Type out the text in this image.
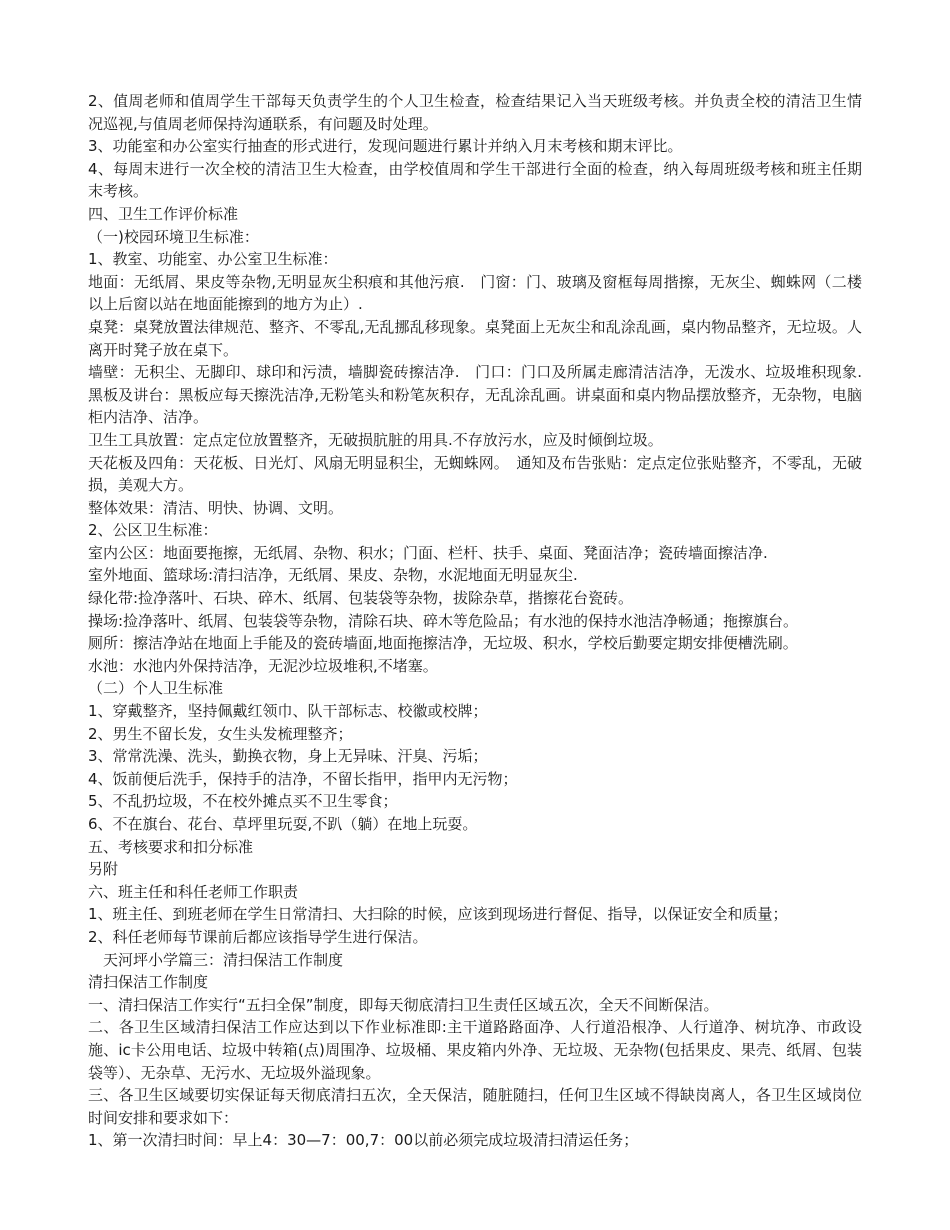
2、值周老师和值周学生干部每天负责学生的个人卫生检查，检查结果记入当天班级考核。并负责全校的清洁卫生情况巡视,与值周老师保持沟通联系，有问题及时处理。
3、功能室和办公室实行抽查的形式进行，发现问题进行累计并纳入月末考核和期末评比。
4、每周末进行一次全校的清洁卫生大检查，由学校值周和学生干部进行全面的检查，纳入每周班级考核和班主任期末考核。
四、卫生工作评价标准
（一)校园环境卫生标准：
1、教室、功能室、办公室卫生标准：
地面：无纸屑、果皮等杂物,无明显灰尘积痕和其他污痕.　门窗：门、玻璃及窗框每周揩擦，无灰尘、蜘蛛网（二楼以上后窗以站在地面能擦到的地方为止）.
桌凳：桌凳放置法律规范、整齐、不零乱,无乱挪乱移现象。桌凳面上无灰尘和乱涂乱画，桌内物品整齐，无垃圾。人离开时凳子放在桌下。
墙壁：无积尘、无脚印、球印和污渍，墙脚瓷砖擦洁净.　门口：门口及所属走廊清洁洁净，无泼水、垃圾堆积现象.　黑板及讲台：黑板应每天擦洗洁净,无粉笔头和粉笔灰积存，无乱涂乱画。讲桌面和桌内物品摆放整齐，无杂物，电脑柜内洁净、洁净。
卫生工具放置：定点定位放置整齐，无破损肮脏的用具.不存放污水，应及时倾倒垃圾。
天花板及四角：天花板、日光灯、风扇无明显积尘，无蜘蛛网。　通知及布告张贴：定点定位张贴整齐，不零乱，无破损，美观大方。
整体效果：清洁、明快、协调、文明。
2、公区卫生标准：
室内公区：地面要拖擦，无纸屑、杂物、积水；门面、栏杆、扶手、桌面、凳面洁净；瓷砖墙面擦洁净.
室外地面、篮球场:清扫洁净，无纸屑、果皮、杂物，水泥地面无明显灰尘.
绿化带:捡净落叶、石块、碎木、纸屑、包装袋等杂物，拔除杂草，揩擦花台瓷砖。
操场:捡净落叶、纸屑、包装袋等杂物，清除石块、碎木等危险品；有水池的保持水池洁净畅通；拖擦旗台。
厕所：擦洁净站在地面上手能及的瓷砖墙面,地面拖擦洁净，无垃圾、积水，学校后勤要定期安排便槽洗刷。
水池：水池内外保持洁净，无泥沙垃圾堆积,不堵塞。
（二）个人卫生标准
1、穿戴整齐，坚持佩戴红领巾、队干部标志、校徽或校牌；
2、男生不留长发，女生头发梳理整齐；
3、常常洗澡、洗头，勤换衣物，身上无异味、汗臭、污垢；
4、饭前便后洗手，保持手的洁净，不留长指甲，指甲内无污物；
5、不乱扔垃圾，不在校外摊点买不卫生零食；
6、不在旗台、花台、草坪里玩耍,不趴（躺）在地上玩耍。
五、考核要求和扣分标准
另附
六、班主任和科任老师工作职责
1、班主任、到班老师在学生日常清扫、大扫除的时候，应该到现场进行督促、指导，以保证安全和质量；
2、科任老师每节课前后都应该指导学生进行保洁。
　天河坪小学篇三：清扫保洁工作制度
清扫保洁工作制度
一、清扫保洁工作实行“五扫全保”制度，即每天彻底清扫卫生责任区域五次，全天不间断保洁。
二、各卫生区域清扫保洁工作应达到以下作业标准即:主干道路路面净、人行道沿根净、人行道净、树坑净、市政设施、ic卡公用电话、垃圾中转箱(点)周围净、垃圾桶、果皮箱内外净、无垃圾、无杂物(包括果皮、果壳、纸屑、包装袋等）、无杂草、无污水、无垃圾外溢现象。
三、各卫生区域要切实保证每天彻底清扫五次，全天保洁，随脏随扫，任何卫生区域不得缺岗离人，各卫生区域岗位时间安排和要求如下：
1、第一次清扫时间：早上4：30—7：00,7：00以前必须完成垃圾清扫清运任务；
